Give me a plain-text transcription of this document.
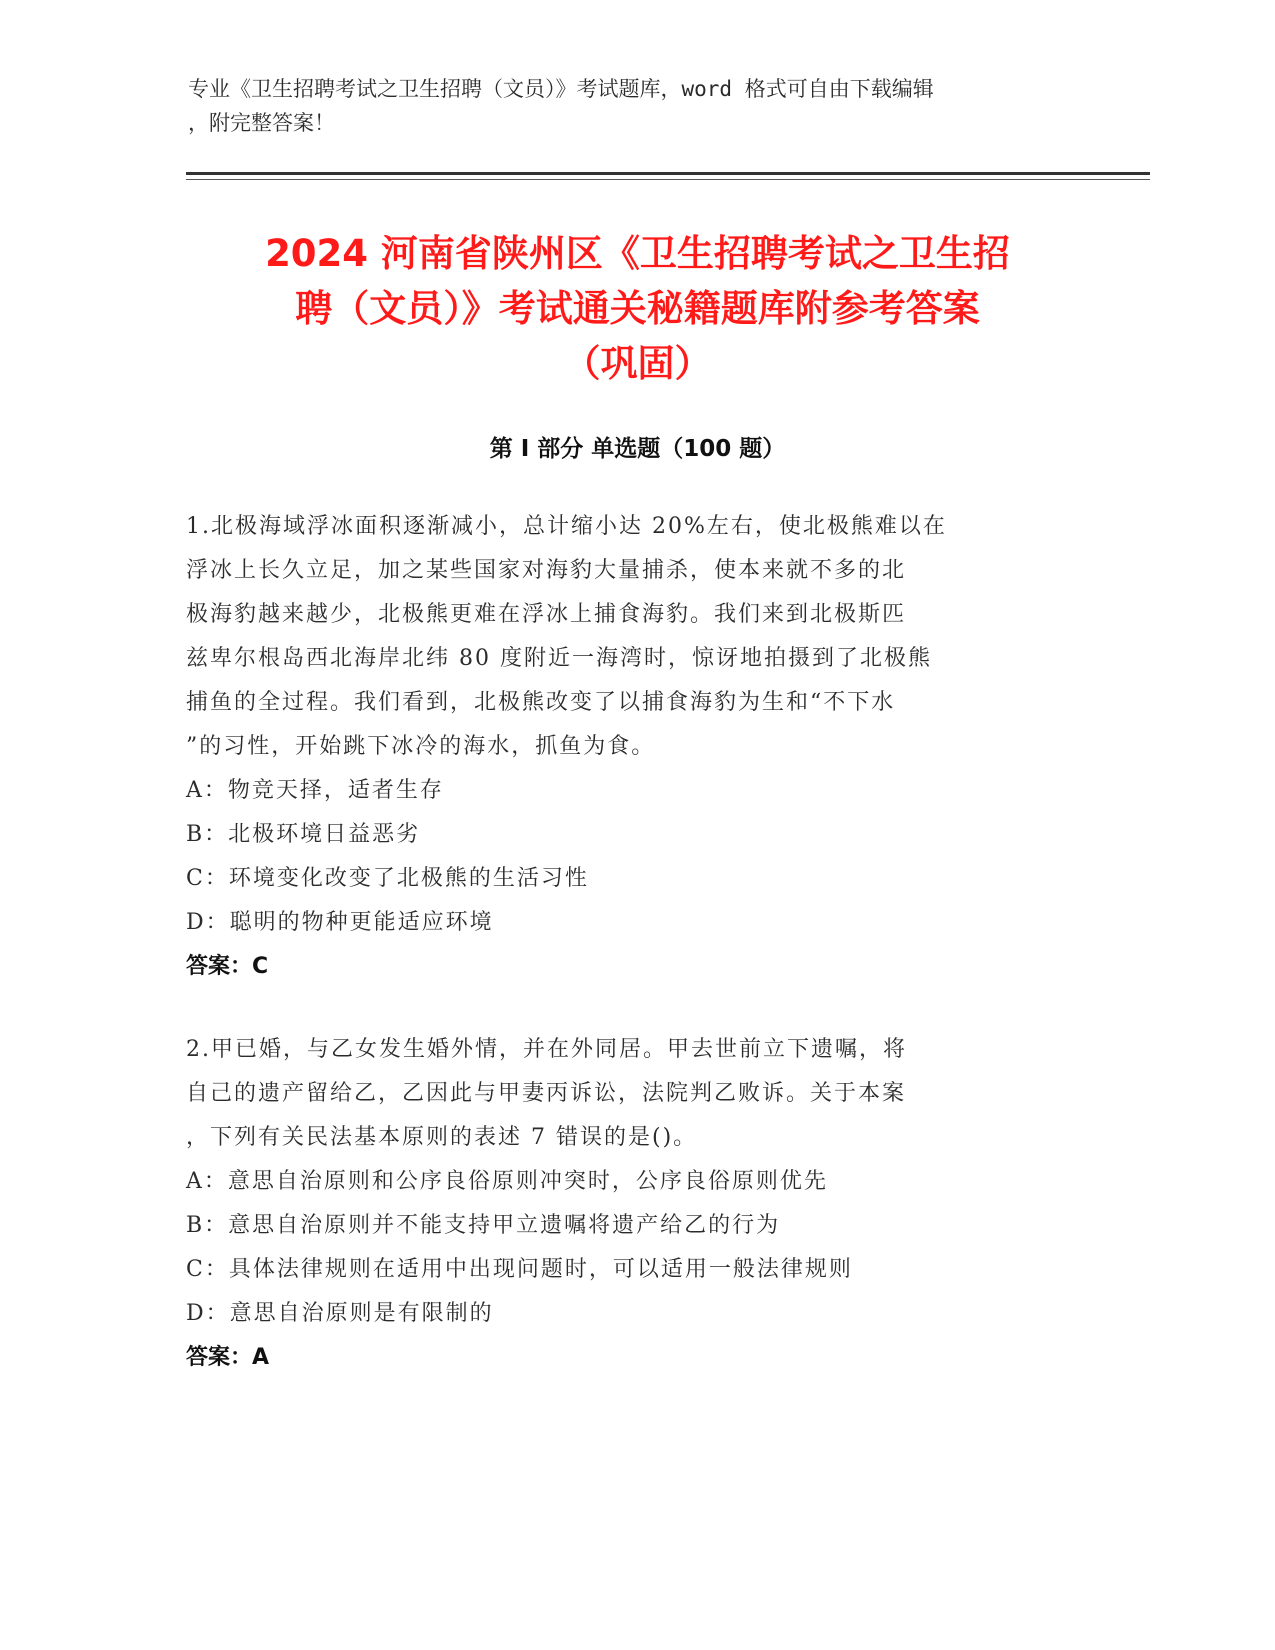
专业《卫生招聘考试之卫生招聘（文员）》考试题库，word 格式可自由下载编辑
，附完整答案！
2024 河南省陕州区《卫生招聘考试之卫生招
聘（文员）》考试通关秘籍题库附参考答案
（巩固）
第 I 部分 单选题（100 题）
1.北极海域浮冰面积逐渐减小，总计缩小达 20%左右，使北极熊难以在
浮冰上长久立足，加之某些国家对海豹大量捕杀，使本来就不多的北
极海豹越来越少，北极熊更难在浮冰上捕食海豹。我们来到北极斯匹
兹卑尔根岛西北海岸北纬 80 度附近一海湾时，惊讶地拍摄到了北极熊
捕鱼的全过程。我们看到，北极熊改变了以捕食海豹为生和“不下水
”的习性，开始跳下冰冷的海水，抓鱼为食。
A：物竞天择，适者生存
B：北极环境日益恶劣
C：环境变化改变了北极熊的生活习性
D：聪明的物种更能适应环境
答案：C
2.甲已婚，与乙女发生婚外情，并在外同居。甲去世前立下遗嘱，将
自己的遗产留给乙，乙因此与甲妻丙诉讼，法院判乙败诉。关于本案
，下列有关民法基本原则的表述 7 错误的是()。
A：意思自治原则和公序良俗原则冲突时，公序良俗原则优先
B：意思自治原则并不能支持甲立遗嘱将遗产给乙的行为
C：具体法律规则在适用中出现问题时，可以适用一般法律规则
D：意思自治原则是有限制的
答案：A
